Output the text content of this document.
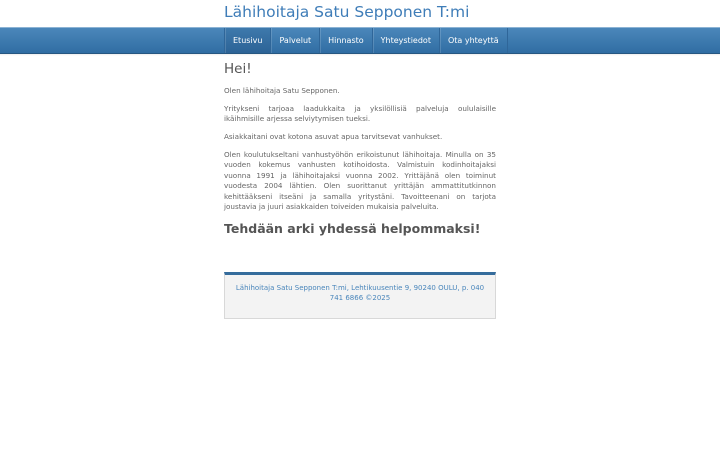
Lähihoitaja Satu Sepponen T:mi
Etusivu	Palvelut	Hinnasto	Yhteystiedot	Ota yhteyttä
Hei!

Olen lähihoitaja Satu Sepponen.

Yritykseni tarjoaa laadukkaita ja yksilöllisiä palveluja oululaisille ikäihmisille arjessa selviytymisen tueksi.

Asiakkaitani ovat kotona asuvat apua tarvitsevat vanhukset.

Olen koulutukseltani vanhustyöhön erikoistunut lähihoitaja. Minulla on 35 vuoden kokemus vanhusten kotihoidosta. Valmistuin kodinhoitajaksi vuonna 1991 ja lähihoitajaksi vuonna 2002. Yrittäjänä olen toiminut vuodesta 2004 lähtien. Olen suorittanut yrittäjän ammattitutkinnon kehittääkseni itseäni ja samalla yritystäni. Tavoitteenani on tarjota joustavia ja juuri asiakkaiden toiveiden mukaisia palveluita.

Tehdään arki yhdessä helpommaksi!
Lähihoitaja Satu Sepponen T:mi, Lehtikuusentie 9, 90240 OULU, p. 040 741 6866 ©2025
